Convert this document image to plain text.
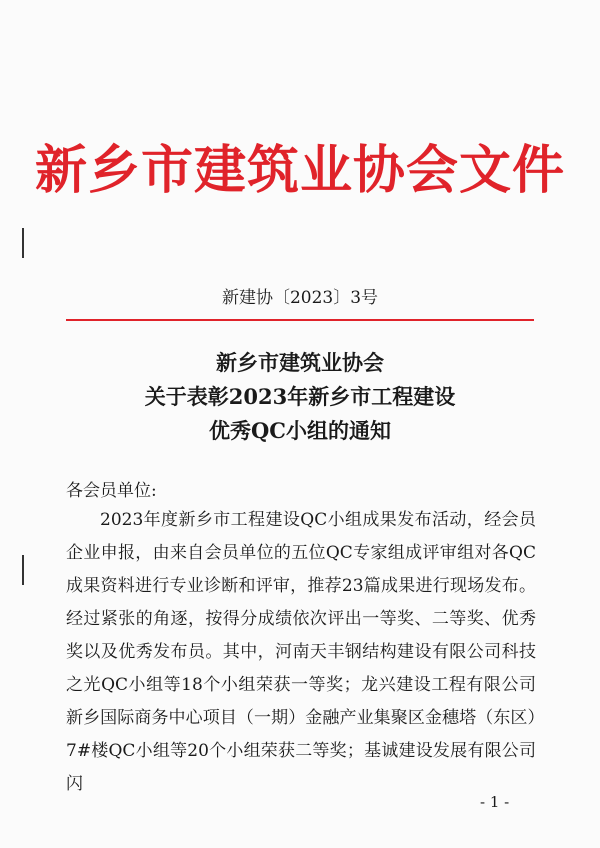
新乡市建筑业协会文件
新建协〔2023〕3号
新乡市建筑业协会
关于表彰2023年新乡市工程建设
优秀QC小组的通知
各会员单位:
2023年度新乡市工程建设QC小组成果发布活动，经会员企业申报，由来自会员单位的五位QC专家组成评审组对各QC成果资料进行专业诊断和评审，推荐23篇成果进行现场发布。经过紧张的角逐，按得分成绩依次评出一等奖、二等奖、优秀奖以及优秀发布员。其中，河南天丰钢结构建设有限公司科技之光QC小组等18个小组荣获一等奖；龙兴建设工程有限公司新乡国际商务中心项目（一期）金融产业集聚区金穗塔（东区）7#楼QC小组等20个小组荣获二等奖；基诚建设发展有限公司闪
- 1 -
